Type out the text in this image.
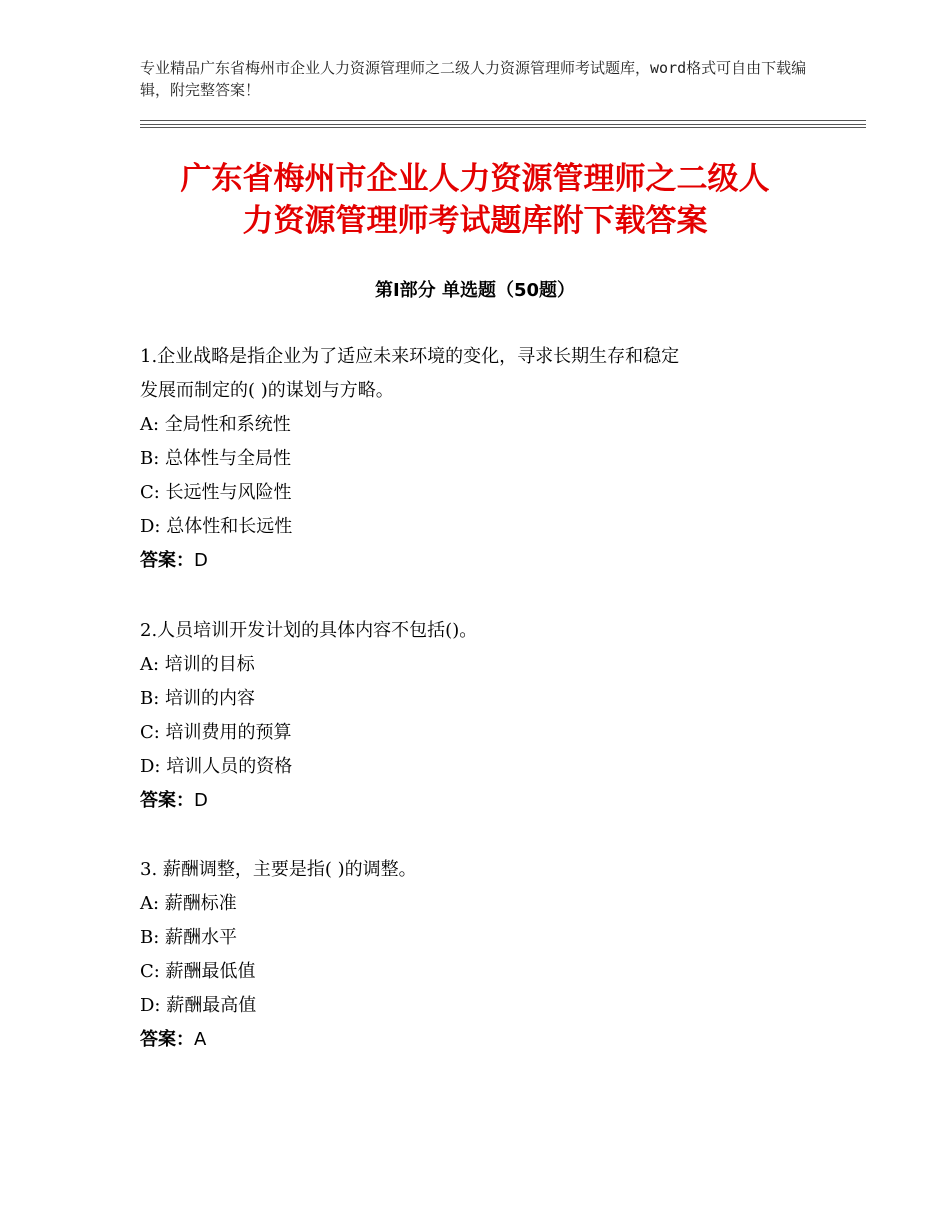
专业精品广东省梅州市企业人力资源管理师之二级人力资源管理师考试题库，word格式可自由下载编辑，附完整答案！
广东省梅州市企业人力资源管理师之二级人
力资源管理师考试题库附下载答案
第Ⅰ部分 单选题（50题）

1.企业战略是指企业为了适应未来环境的变化，寻求长期生存和稳定

发展而制定的( )的谋划与方略。

A: 全局性和系统性

B: 总体性与全局性

C: 长远性与风险性

D: 总体性和长远性

答案：D

2.人员培训开发计划的具体内容不包括()。

A: 培训的目标

B: 培训的内容

C: 培训费用的预算

D: 培训人员的资格

答案：D

3. 薪酬调整，主要是指( )的调整。

A: 薪酬标准

B: 薪酬水平

C: 薪酬最低值

D: 薪酬最高值

答案：A
